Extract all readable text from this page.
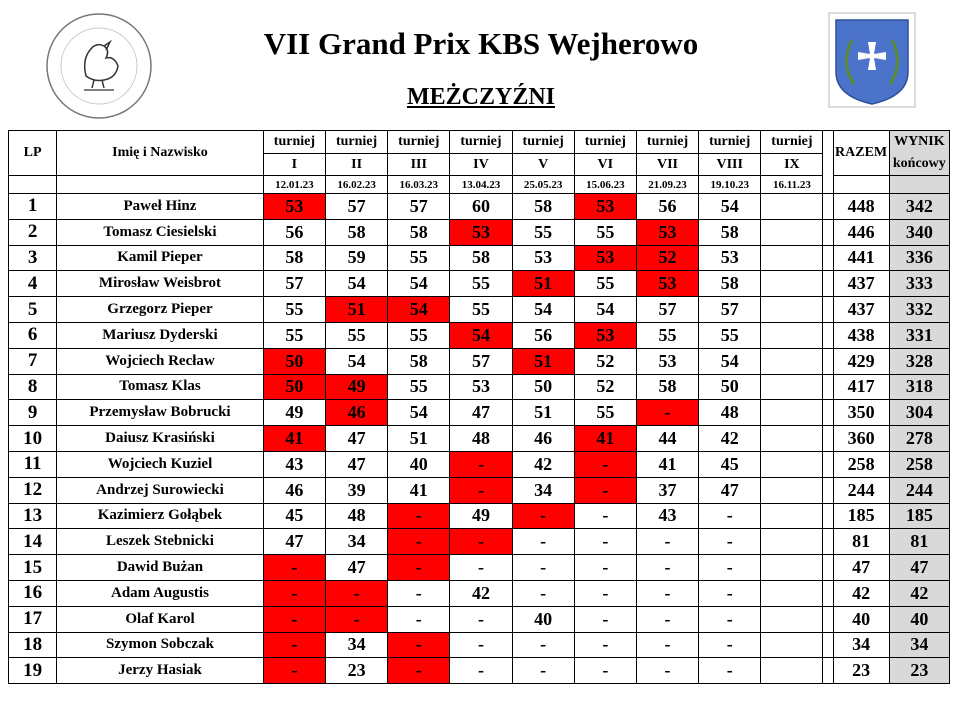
VII Grand Prix KBS Wejherowo
MEŻCZYŹNI
LP	Imię i Nazwisko	turniej	turniej	turniej	turniej	turniej	turniej	turniej	turniej	turniej		RAZEM	WYNIK
końcowy
		I	II	III	IV	V	VI	VII	VIII	IX			
		12.01.23	16.02.23	16.03.23	13.04.23	25.05.23	15.06.23	21.09.23	19.10.23	16.11.23			
1	Paweł Hinz	53	57	57	60	58	53	56	54			448	342
2	Tomasz Ciesielski	56	58	58	53	55	55	53	58			446	340
3	Kamil Pieper	58	59	55	58	53	53	52	53			441	336
4	Mirosław Weisbrot	57	54	54	55	51	55	53	58			437	333
5	Grzegorz Pieper	55	51	54	55	54	54	57	57			437	332
6	Mariusz Dyderski	55	55	55	54	56	53	55	55			438	331
7	Wojciech Recław	50	54	58	57	51	52	53	54			429	328
8	Tomasz Klas	50	49	55	53	50	52	58	50			417	318
9	Przemysław Bobrucki	49	46	54	47	51	55	-	48			350	304
10	Daiusz Krasiński	41	47	51	48	46	41	44	42			360	278
11	Wojciech Kuziel	43	47	40	-	42	-	41	45			258	258
12	Andrzej Surowiecki	46	39	41	-	34	-	37	47			244	244
13	Kazimierz Gołąbek	45	48	-	49	-	-	43	-			185	185
14	Leszek Stebnicki	47	34	-	-	-	-	-	-			81	81
15	Dawid Bużan	-	47	-	-	-	-	-	-			47	47
16	Adam Augustis	-	-	-	42	-	-	-	-			42	42
17	Olaf Karol	-	-	-	-	40	-	-	-			40	40
18	Szymon Sobczak	-	34	-	-	-	-	-	-			34	34
19	Jerzy Hasiak	-	23	-	-	-	-	-	-			23	23
